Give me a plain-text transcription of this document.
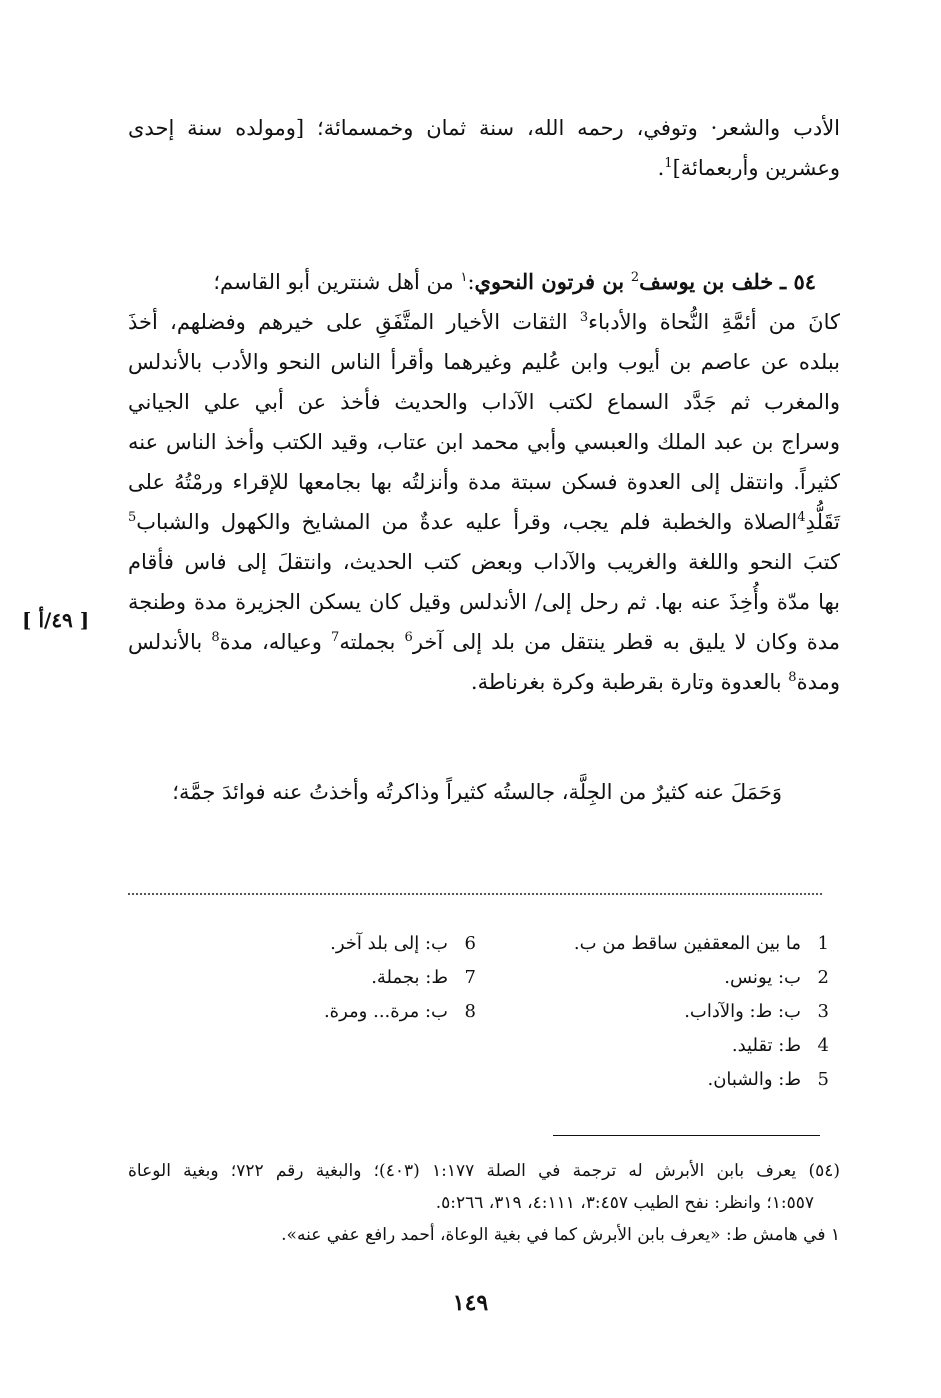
الأدب والشعر· وتوفي، رحمه الله، سنة ثمان وخمسمائة؛ [ومولده سنة إحدى

وعشرين وأربعمائة]$^1$.

٥٤ ـ خلف بن يوسف$^2$ بن فرتون النحوي:$^١$ من أهل شنترين أبو القاسم؛

كانَ من أئمَّةِ النُّحاة والأدباء$^3$ الثقات الأخيار المتَّفَقِ على خيرهم وفضلهم، أخذَ

ببلده عن عاصم بن أيوب وابن عُليم وغيرهما وأقرأ الناس النحو والأدب بالأندلس

والمغرب ثم جَدَّد السماع لكتب الآداب والحديث فأخذ عن أبي علي الجياني

وسراج بن عبد الملك والعبسي وأبي محمد ابن عتاب، وقيد الكتب وأخذ الناس عنه

كثيراً. وانتقل إلى العدوة فسكن سبتة مدة وأنزلتُه بها بجامعها للإقراء ورمْتُهُ على

تَقَلُّدِ$^4$الصلاة والخطبة فلم يجب، وقرأ عليه عدةٌ من المشايخ والكهول والشباب$^5$

كتبَ النحو واللغة والغريب والآداب وبعض كتب الحديث، وانتقلَ إلى فاس فأقام

بها مدّة وأُخِذَ عنه بها. ثم رحل إلى/ الأندلس وقيل كان يسكن الجزيرة مدة وطنجة

مدة وكان لا يليق به قطر ينتقل من بلد إلى آخر$^6$ بجملته$^7$ وعياله، مدة$^8$ بالأندلس

ومدة$^8$ بالعدوة وتارة بقرطبة وكرة بغرناطة.

[ ٤٩/أ ]

وَحَمَلَ عنه كثيرٌ من الجِلَّة، جالستُه كثيراً وذاكرتُه وأخذتُ عنه فوائدَ جمَّة؛

1
ما بين المعقفين ساقط من ب.
2
ب: يونس.
3
ب: ط: والآداب.
4
ط: تقليد.
5
ط: والشبان.
6
ب: إلى بلد آخر.
7
ط: بجملة.
8
ب: مرة... ومرة.

(٥٤) يعرف بابن الأبرش له ترجمة في الصلة ١:١٧٧ (٤٠٣)؛ والبغية رقم ٧٢٢؛ وبغية الوعاة

١:٥٥٧؛ وانظر: نفح الطيب ٣:٤٥٧، ٤:١١١، ٣١٩، ٥:٢٦٦.

١ في هامش ط: «يعرف بابن الأبرش كما في بغية الوعاة، أحمد رافع عفي عنه».

١٤٩
